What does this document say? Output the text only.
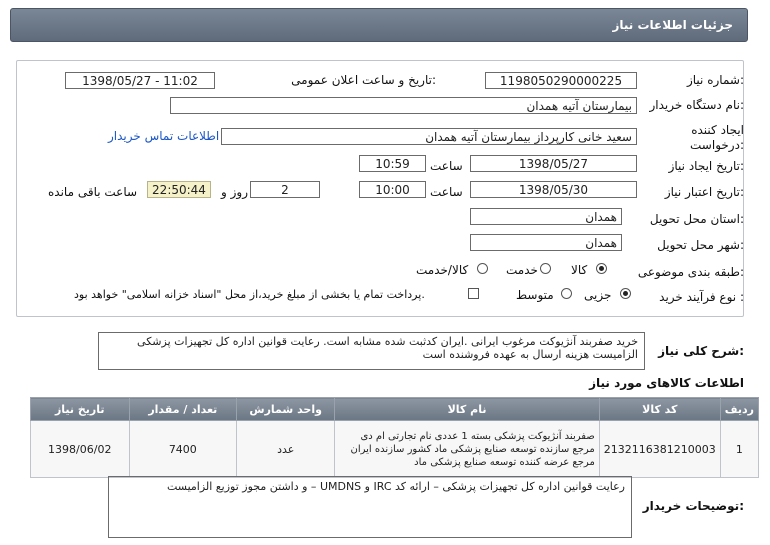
جزئیات اطلاعات نیاز
شماره نیاز:
1198050290000225
تاریخ و ساعت اعلان عمومی:
1398/05/27 - 11:02
نام دستگاه خریدار:
بیمارستان آتیه همدان
ایجاد کننده
درخواست:
سعید خانی کارپرداز بیمارستان آتیه همدان
اطلاعات تماس خریدار
تاریخ ایجاد نیاز:
1398/05/27
ساعت
10:59
تاریخ اعتبار نیاز:
1398/05/30
ساعت
10:00
2
روز و
22:50:44
ساعت باقی مانده
استان محل تحویل:
همدان
شهر محل تحویل:
همدان
طبقه بندی موضوعی:
کالا
خدمت
کالا/خدمت
نوع فرآیند خرید :
جزیی
متوسط
پرداخت تمام یا بخشی از مبلغ خرید،از محل "اسناد خزانه اسلامی" خواهد بود.
شرح کلی نیاز:
خرید صفربند آنژیوکت مرغوب ایرانی .ایران کدثبت شده مشابه است. رعایت قوانین اداره کل تجهیزات پزشکی الزامیست هزینه ارسال به عهده فروشنده است
اطلاعات کالاهای مورد نیاز
ردیف	کد کالا	نام کالا	واحد شمارش	تعداد / مقدار	تاریخ نیاز
1	2132116381210003	صفربند آنژیوکت پزشکی بسته 1 عددی نام تجارتی ام دی مرجع سازنده توسعه صنایع پزشکی ماد کشور سازنده ایران مرجع عرضه کننده توسعه صنایع پزشکی ماد	عدد	7400	1398/06/02
توضیحات خریدار:
رعایت قوانین اداره کل تجهیزات پزشکی – ارائه کد IRC و UMDNS – و داشتن مجوز توزیع الزامیست
